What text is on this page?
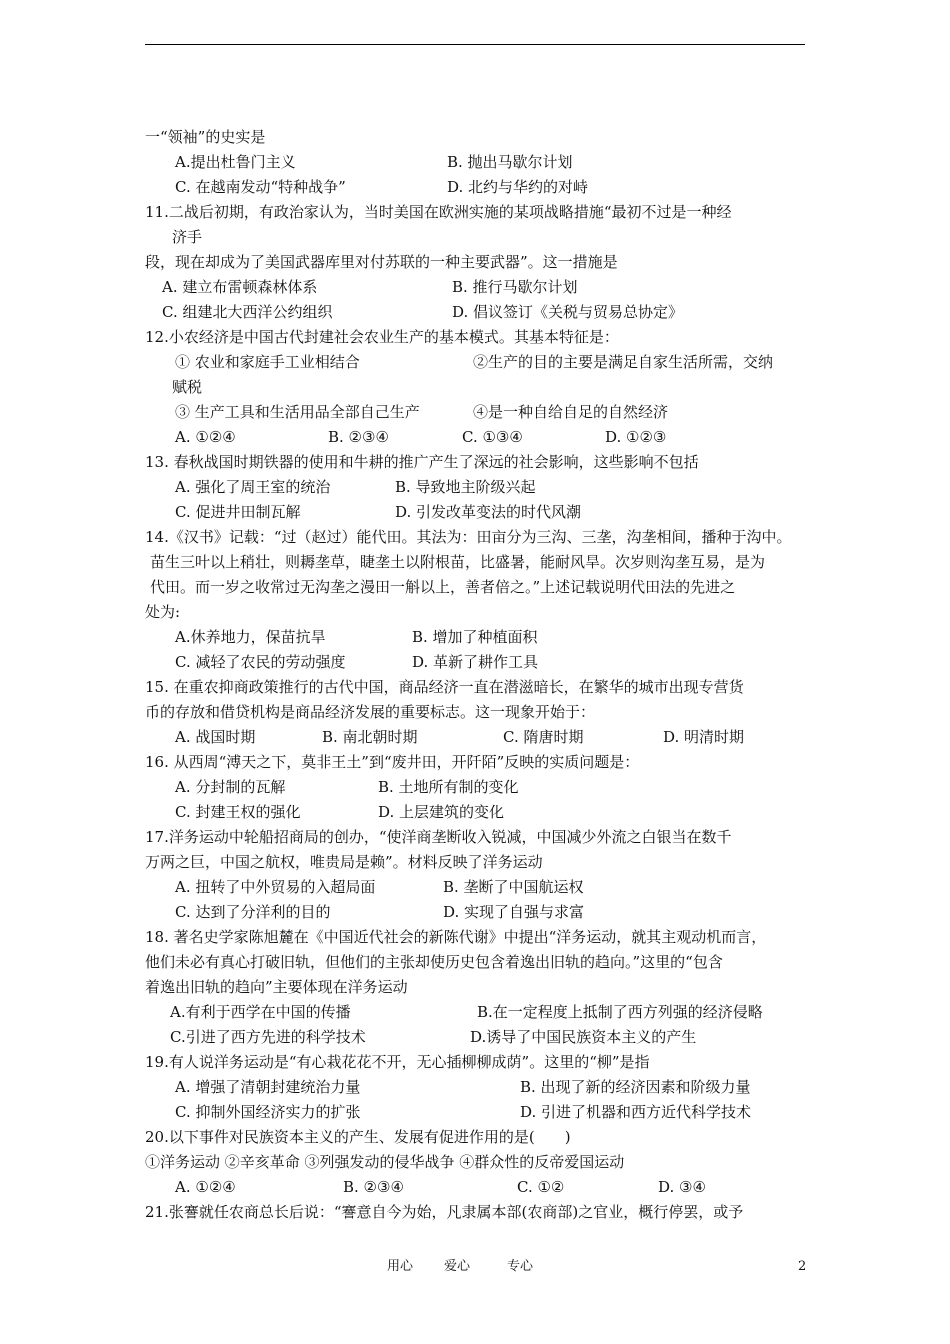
一“领袖”的史实是
A.提出杜鲁门主义	B. 抛出马歇尔计划
C. 在越南发动“特种战争”	D. 北约与华约的对峙
11.二战后初期，有政治家认为，当时美国在欧洲实施的某项战略措施“最初不过是一种经
济手
段，现在却成为了美国武器库里对付苏联的一种主要武器”。这一措施是
A. 建立布雷顿森林体系	B. 推行马歇尔计划
C. 组建北大西洋公约组织	D. 倡议签订《关税与贸易总协定》
12.小农经济是中国古代封建社会农业生产的基本模式。其基本特征是：
① 农业和家庭手工业相结合	②生产的目的主要是满足自家生活所需，交纳
赋税
③ 生产工具和生活用品全部自己生产	④是一种自给自足的自然经济
A. ①②④	B. ②③④	C. ①③④	D. ①②③
13. 春秋战国时期铁器的使用和牛耕的推广产生了深远的社会影响，这些影响不包括
A. 强化了周王室的统治	B. 导致地主阶级兴起
C. 促进井田制瓦解	D. 引发改革变法的时代风潮
14.《汉书》记载：“过（赵过）能代田。其法为：田亩分为三沟、三垄，沟垄相间，播种于沟中。
苗生三叶以上稍壮，则耨垄草，睫垄土以附根苗，比盛暑，能耐风旱。次岁则沟垄互易，是为
代田。而一岁之收常过无沟垄之漫田一斛以上，善者倍之。”上述记载说明代田法的先进之
处为:
A.休养地力，保苗抗旱	B. 增加了种植面积
C. 减轻了农民的劳动强度	D. 革新了耕作工具
15. 在重农抑商政策推行的古代中国，商品经济一直在潜滋暗长，在繁华的城市出现专营货
币的存放和借贷机构是商品经济发展的重要标志。这一现象开始于：
A. 战国时期	B. 南北朝时期	C. 隋唐时期	D. 明清时期
16. 从西周“溥天之下，莫非王土”到“废井田，开阡陌”反映的实质问题是：
A. 分封制的瓦解	B. 土地所有制的变化
C. 封建王权的强化	D. 上层建筑的变化
17.洋务运动中轮船招商局的创办，“使洋商垄断收入锐减，中国减少外流之白银当在数千
万两之巨，中国之航权，唯贵局是赖”。材料反映了洋务运动
A. 扭转了中外贸易的入超局面	B. 垄断了中国航运权
C. 达到了分洋利的目的	D. 实现了自强与求富
18. 著名史学家陈旭麓在《中国近代社会的新陈代谢》中提出“洋务运动，就其主观动机而言，
他们未必有真心打破旧轨，但他们的主张却使历史包含着逸出旧轨的趋向。”这里的“包含
着逸出旧轨的趋向”主要体现在洋务运动
A.有利于西学在中国的传播	B.在一定程度上抵制了西方列强的经济侵略
C.引进了西方先进的科学技术	D.诱导了中国民族资本主义的产生
19.有人说洋务运动是“有心栽花花不开，无心插柳柳成荫”。这里的“柳”是指
A. 增强了清朝封建统治力量	B. 出现了新的经济因素和阶级力量
C. 抑制外国经济实力的扩张	D. 引进了机器和西方近代科学技术
20.以下事件对民族资本主义的产生、发展有促进作用的是(　　)
①洋务运动 ②辛亥革命 ③列强发动的侵华战争 ④群众性的反帝爱国运动
A. ①②④	B. ②③④	C. ①②	D. ③④
21.张謇就任农商总长后说：“謇意自今为始，凡隶属本部(农商部)之官业，概行停罢，或予
用心 爱心	专心	2
